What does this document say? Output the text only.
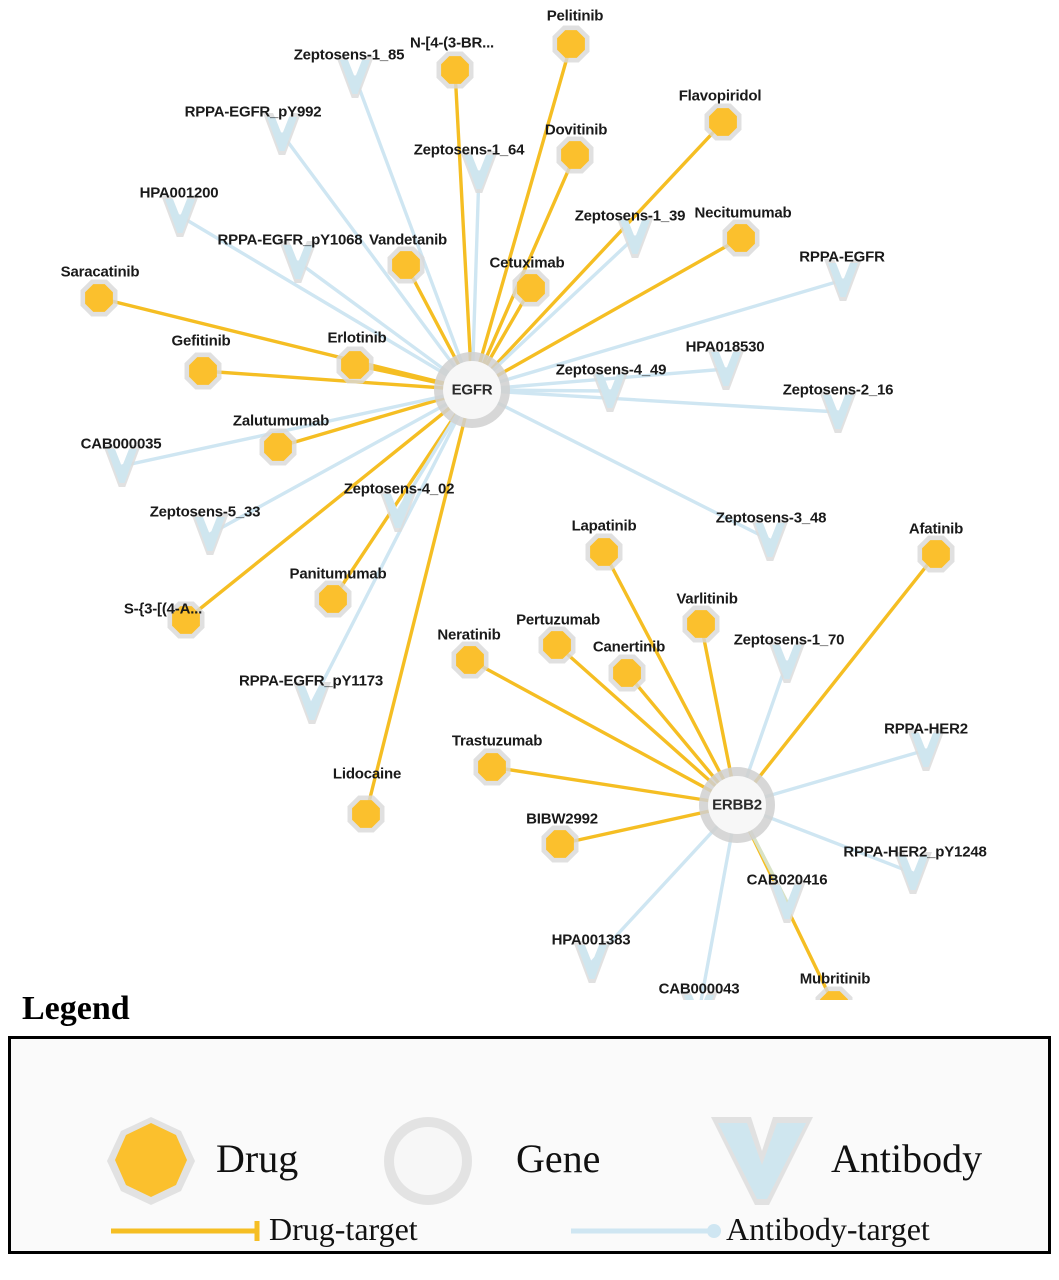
Zeptosens-1_85
RPPA-EGFR_pY992
Zeptosens-1_64
HPA001200
Zeptosens-1_39
RPPA-EGFR_pY1068
RPPA-EGFR
HPA018530
Zeptosens-4_49
Zeptosens-2_16
CAB000035
Zeptosens-4_02
Zeptosens-5_33	Zeptosens-3_48
Zeptosens-1_70
RPPA-EGFR_pY1173
RPPA-HER2
RPPA-HER2_pY1248
CAB020416
HPA001383
CAB000043
Pelitinib
N-[4-(3-BR...
Flavopiridol
Dovitinib
Necitumumab
Vandetanib
Cetuximab
Saracatinib
Erlotinib
Gefitinib
Zalutumumab
Afatinib
Lapatinib
Varlitinib
Panitumumab
S-{3-[(4-A...
Pertuzumab
Neratinib
Canertinib
Trastuzumab
Lidocaine
BIBW2992
Mubritinib
EGFR
ERBB2
Legend
Drug	Gene	Antibody
Drug-target	Antibody-target
